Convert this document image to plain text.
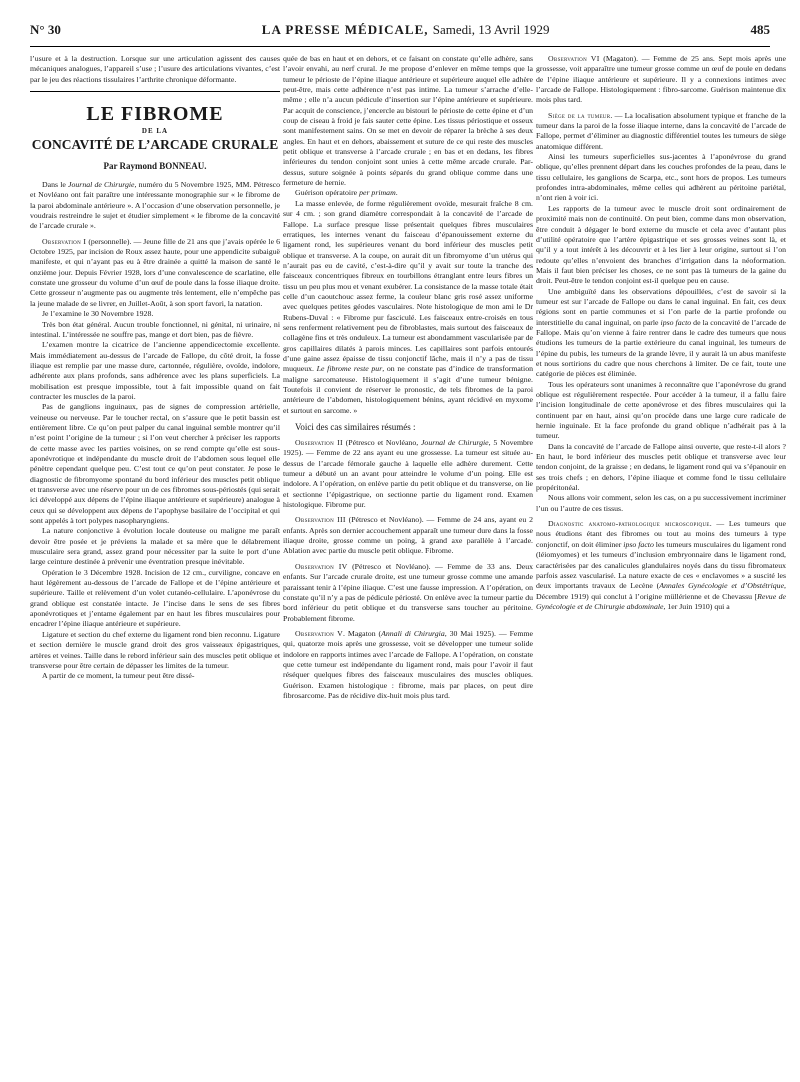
N° 30	LA PRESSE MÉDICALE, Samedi, 13 Avril 1929	485

l’usure et à la destruction. Lorsque sur une articulation agissent des causes mécaniques analogues, l’appareil s’use ; l’usure des articulations vivantes, c’est par le jeu des réactions tissulaires l’arthrite chronique déformante.

LE FIBROME
DE LA
CONCAVITÉ DE L’ARCADE CRURALE
Par Raymond BONNEAU.

Dans le Journal de Chirurgie, numéro du 5 Novembre 1925, MM. Pétresco et Novléano ont fait paraître une intéressante monographie sur « le fibrome de la paroi abdominale antérieure ». A l’occasion d’une observation personnelle, je voudrais restreindre le sujet et étudier simplement « le fibrome de la concavité de l’arcade crurale ».

Observation I (personnelle). — Jeune fille de 21 ans que j’avais opérée le 6 Octobre 1925, par incision de Roux assez haute, pour une appendicite subaiguë manifeste, et qui n’ayant pas eu à être drainée a quitté la maison de santé le onzième jour. Depuis Février 1928, lors d’une convalescence de scarlatine, elle constate une grosseur du volume d’un œuf de poule dans la fosse iliaque droite. Cette grosseur n’augmente pas ou augmente très lentement, elle n’empêche pas la jeune malade de se livrer, en Juillet-Août, à son sport favori, la natation.

Je l’examine le 30 Novembre 1928.

Très bon état général. Aucun trouble fonctionnel, ni génital, ni urinaire, ni intestinal. L’intéressée ne souffre pas, mange et dort bien, pas de fièvre.

L’examen montre la cicatrice de l’ancienne appendicectomie excellente. Mais immédiatement au-dessus de l’arcade de Fallope, du côté droit, la fosse iliaque est remplie par une masse dure, cartonnée, régulière, ovoïde, indolore, adhérente aux plans profonds, sans adhérence avec les plans superficiels. La mobilisation est presque impossible, tout à fait impossible quand on fait contracter les muscles de la paroi.

Pas de ganglions inguinaux, pas de signes de compression artérielle, veineuse ou nerveuse. Par le toucher rectal, on s’assure que le petit bassin est entièrement libre. Ce qu’on peut palper du canal inguinal semble montrer qu’il n’est point l’origine de la tumeur ; si l’on veut chercher à préciser les rapports de cette masse avec les parties voisines, on se rend compte qu’elle est sous-aponévrotique et indépendante du muscle droit de l’abdomen sous lequel elle pénètre cependant quelque peu. C’est tout ce qu’on peut constater. Je pose le diagnostic de fibromyome spontané du bord inférieur des muscles petit oblique et transverse avec une réserve pour un de ces fibromes sous-périostés (qui serait ici développé aux dépens de l’épine iliaque antérieure et supérieure) analogue à ceux qui se développent aux dépens de l’apophyse basilaire de l’occipital et qui sont appelés à tort polypes nasopharyngiens.

La nature conjonctive à évolution locale douteuse ou maligne me paraît devoir être posée et je préviens la malade et sa mère que le délabrement musculaire sera grand, assez grand pour nécessiter par la suite le port d’une large ceinture destinée à prévenir une éventration presque inévitable.

Opération le 3 Décembre 1928. Incision de 12 cm., curviligne, concave en haut légèrement au-dessous de l’arcade de Fallope et de l’épine antérieure et supérieure. Taille et relèvement d’un volet cutanéo-cellulaire. L’aponévrose du grand oblique est constatée intacte. Je l’incise dans le sens de ses fibres aponévrotiques et j’entame également par en haut les fibres musculaires pour encadrer l’épine iliaque antérieure et supérieure.

Ligature et section du chef externe du ligament rond bien reconnu. Ligature et section dernière le muscle grand droit des gros vaisseaux épigastriques, artères et veines. Taille dans le rebord inférieur sain des muscles petit oblique et transverse pour être certain de dépasser les limites de la tumeur.

A partir de ce moment, la tumeur peut être dissé-

quée de bas en haut et en dehors, et ce faisant on constate qu’elle adhère, sans l’avoir envahi, au nerf crural. Je me propose d’enlever en même temps que la tumeur le périoste de l’épine iliaque antérieure et supérieure auquel elle adhère peut-être, mais cette adhérence n’est pas intime. La tumeur s’arrache d’elle-même ; elle n’a aucun pédicule d’insertion sur l’épine antérieure et supérieure. Par acquit de conscience, j’encercle au bistouri le périoste de cette épine et d’un coup de ciseau à froid je fais sauter cette épine. Les tissus périostique et osseux sont manifestement sains. On se met en devoir de réparer la brèche à ses deux angles. En haut et en dehors, abaissement et suture de ce qui reste des muscles petit oblique et transverse à l’arcade crurale ; en bas et en dedans, les fibres inférieures du tendon conjoint sont unies à cette même arcade crurale. Par-dessus, suture soignée à points séparés du grand oblique comme dans une fermeture de hernie.

Guérison opératoire per primam.

La masse enlevée, de forme régulièrement ovoïde, mesurait fraîche 8 cm. sur 4 cm. ; son grand diamètre correspondait à la concavité de l’arcade de Fallope. La surface presque lisse présentait quelques fibres musculaires erratiques, les internes venant du faisceau d’épanouissement externe du ligament rond, les supérieures venant du bord inférieur des muscles petit oblique et transverse. A la coupe, on aurait dit un fibromyome d’un utérus qui n’aurait pas eu de cavité, c’est-à-dire qu’il y avait sur toute la tranche des faisceaux concentriques fibreux en tourbillons étranglant entre leurs fibres un tissu un peu plus mou et venant exubérer. La consistance de la masse totale était celle d’un caoutchouc assez ferme, la couleur blanc gris rosé assez uniforme avec quelques petites géodes vasculaires. Note histologique de mon ami le Dr Rubens-Duval : « Fibrome pur fasciculé. Les faisceaux entre-croisés en tous sens renferment relativement peu de fibroblastes, mais surtout des faisceaux de collagène fins et très onduleux. La tumeur est abondamment vascularisée par de gros capillaires dilatés à parois minces. Les capillaires sont parfois entourés d’une gaine assez épaisse de tissu conjonctif lâche, mais il n’y a pas de tissu muqueux. Le fibrome reste pur, on ne constate pas d’indice de transformation maligne sarcomateuse. Histologiquement il s’agit d’une tumeur bénigne. Toutefois il convient de réserver le pronostic, de tels fibromes de la paroi antérieure de l’abdomen, histologiquement bénins, ayant récidivé en myxome et surtout en sarcome. »

Voici des cas similaires résumés :

Observation II (Pétresco et Novléano, Journal de Chirurgie, 5 Novembre 1925). — Femme de 22 ans ayant eu une grossesse. La tumeur est située au-dessus de l’arcade fémorale gauche à laquelle elle adhère durement. Cette tumeur a débuté un an avant pour atteindre le volume d’un poing. Elle est indolore. A l’opération, on enlève partie du petit oblique et du transverse, on lie et sectionne l’épigastrique, on sectionne partie du ligament rond. Examen histologique. Fibrome pur.

Observation III (Pétresco et Novléano). — Femme de 24 ans, ayant eu 2 enfants. Après son dernier accouchement apparaît une tumeur dure dans la fosse iliaque droite, grosse comme un poing, à grand axe parallèle à l’arcade. Ablation avec partie du muscle petit oblique. Fibrome.

Observation IV (Pétresco et Novléano). — Femme de 33 ans. Deux enfants. Sur l’arcade crurale droite, est une tumeur grosse comme une amande paraissant tenir à l’épine iliaque. C’est une fausse impression. A l’opération, on constate qu’il n’y a pas de pédicule périosté. On enlève avec la tumeur partie du bord inférieur du petit oblique et du transverse sans toucher au péritoine. Probablement fibrome.

Observation V. Magaton (Annali di Chirurgia, 30 Mai 1925). — Femme qui, quatorze mois après une grossesse, voit se développer une tumeur solide indolore en rapports intimes avec l’arcade de Fallope. A l’opération, on constate que cette tumeur est indépendante du ligament rond, mais pour l’avoir il faut réséquer quelques fibres des faisceaux musculaires des muscles obliques. Guérison. Examen histologique : fibrome, mais par places, on peut dire fibrosarcome. Pas de récidive dix-huit mois plus tard.

Observation VI (Magaton). — Femme de 25 ans. Sept mois après une grossesse, voit apparaître une tumeur grosse comme un œuf de poule en dedans de l’épine iliaque antérieure et supérieure. Il y a connexions intimes avec l’arcade de Fallope. Histologiquement : fibro-sarcome. Guérison maintenue dix mois plus tard.

Siège de la tumeur. — La localisation absolument typique et franche de la tumeur dans la paroi de la fosse iliaque interne, dans la concavité de l’arcade de Fallope, permet d’éliminer au diagnostic différentiel toutes les tumeurs de siège anatomique différent.

Ainsi les tumeurs superficielles sus-jacentes à l’aponévrose du grand oblique, qu’elles prennent départ dans les couches profondes de la peau, dans le tissu cellulaire, les ganglions de Scarpa, etc., sont hors de propos. Les tumeurs profondes intra-abdominales, même celles qui adhèrent au péritoine pariétal, n’ont rien à voir ici.

Les rapports de la tumeur avec le muscle droit sont ordinairement de proximité mais non de continuité. On peut bien, comme dans mon observation, être conduit à dégager le bord externe du muscle et cela avec d’autant plus d’utilité opératoire que l’artère épigastrique et ses grosses veines sont là, et qu’il y a tout intérêt à les découvrir et à les lier à leur origine, surtout si l’on redoute qu’elles n’envoient des branches d’irrigation dans la néoformation. Mais il faut bien préciser les choses, ce ne sont pas là tumeurs de la gaine du droit. Peut-être le tendon conjoint est-il quelque peu en cause.

Une ambiguïté dans les observations dépouillées, c’est de savoir si la tumeur est sur l’arcade de Fallope ou dans le canal inguinal. En fait, ces deux régions sont en partie communes et si l’on parle de la partie profonde ou interstitielle du canal inguinal, on parle ipso facto de la concavité de l’arcade de Fallope. Mais qu’on vienne à faire rentrer dans le cadre des tumeurs que nous étudions les tumeurs de la partie extérieure du canal inguinal, les tumeurs de l’épine du pubis, les tumeurs de la grande lèvre, il y aurait là un abus manifeste et nous sortirions du cadre que nous cherchons à limiter. De ce fait, toute une catégorie de pièces est éliminée.

Tous les opérateurs sont unanimes à reconnaître que l’aponévrose du grand oblique est régulièrement respectée. Pour accéder à la tumeur, il a fallu faire l’incision longitudinale de cette aponévrose et des fibres musculaires qui la continuent par en haut, ainsi qu’on procède dans une large cure radicale de hernie inguinale. Et la face profonde du grand oblique n’adhérait pas à la tumeur.

Dans la concavité de l’arcade de Fallope ainsi ouverte, que reste-t-il alors ? En haut, le bord inférieur des muscles petit oblique et transverse avec leur tendon conjoint, de la graisse ; en dedans, le ligament rond qui va s’épanouir en ses trois chefs ; en dehors, l’épine iliaque et comme fond le tissu cellulaire propéritonéal.

Nous allons voir comment, selon les cas, on a pu successivement incriminer l’un ou l’autre de ces tissus.

Diagnostic anatomo-pathologique microscopique. — Les tumeurs que nous étudions étant des fibromes ou tout au moins des tumeurs à type conjonctif, on doit éliminer ipso facto les tumeurs musculaires du ligament rond (léiomyomes) et les tumeurs d’inclusion embryonnaire dans le ligament rond, caractérisées par des canalicules glandulaires noyés dans du tissu fibromateux parfois assez vascularisé. La nature exacte de ces « enclavomes » a suscité les deux importants travaux de Lecène (Annales Gynécologie et d’Obstétrique, Décembre 1919) qui conclut à l’origine müllérienne et de Chevassu [Revue de Gynécologie et de Chirurgie abdominale, 1er Juin 1910) qui a
